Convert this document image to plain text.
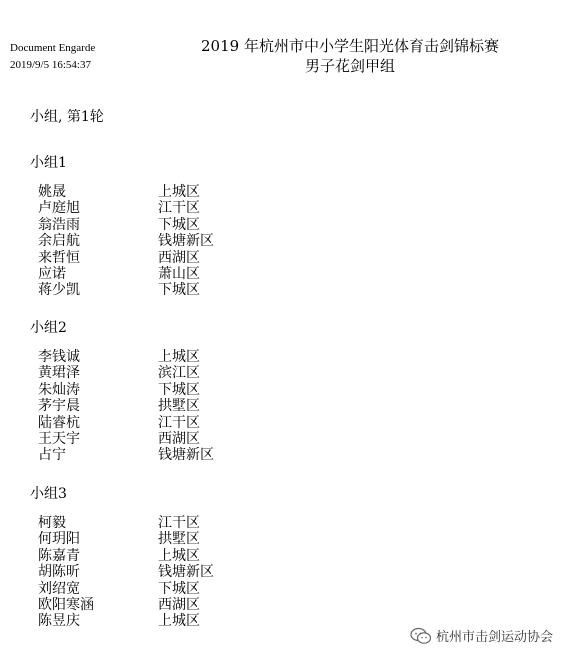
Document Engarde
2019/9/5 16:54:37
2019 年杭州市中小学生阳光体育击剑锦标赛
男子花剑甲组
小组, 第1轮
小组1
姚晟	上城区
卢庭旭	江干区
翁浩雨	下城区
余启航	钱塘新区
来哲恒	西湖区
应诺	萧山区
蒋少凯	下城区
小组2
李钱诚	上城区
黄珺泽	滨江区
朱灿涛	下城区
茅宇晨	拱墅区
陆睿杭	江干区
王天宇	西湖区
占宁	钱塘新区
小组3
柯毅	江干区
何玥阳	拱墅区
陈嘉青	上城区
胡陈昕	钱塘新区
刘绍宽	下城区
欧阳寒涵	西湖区
陈昱庆	上城区
杭州市击剑运动协会
